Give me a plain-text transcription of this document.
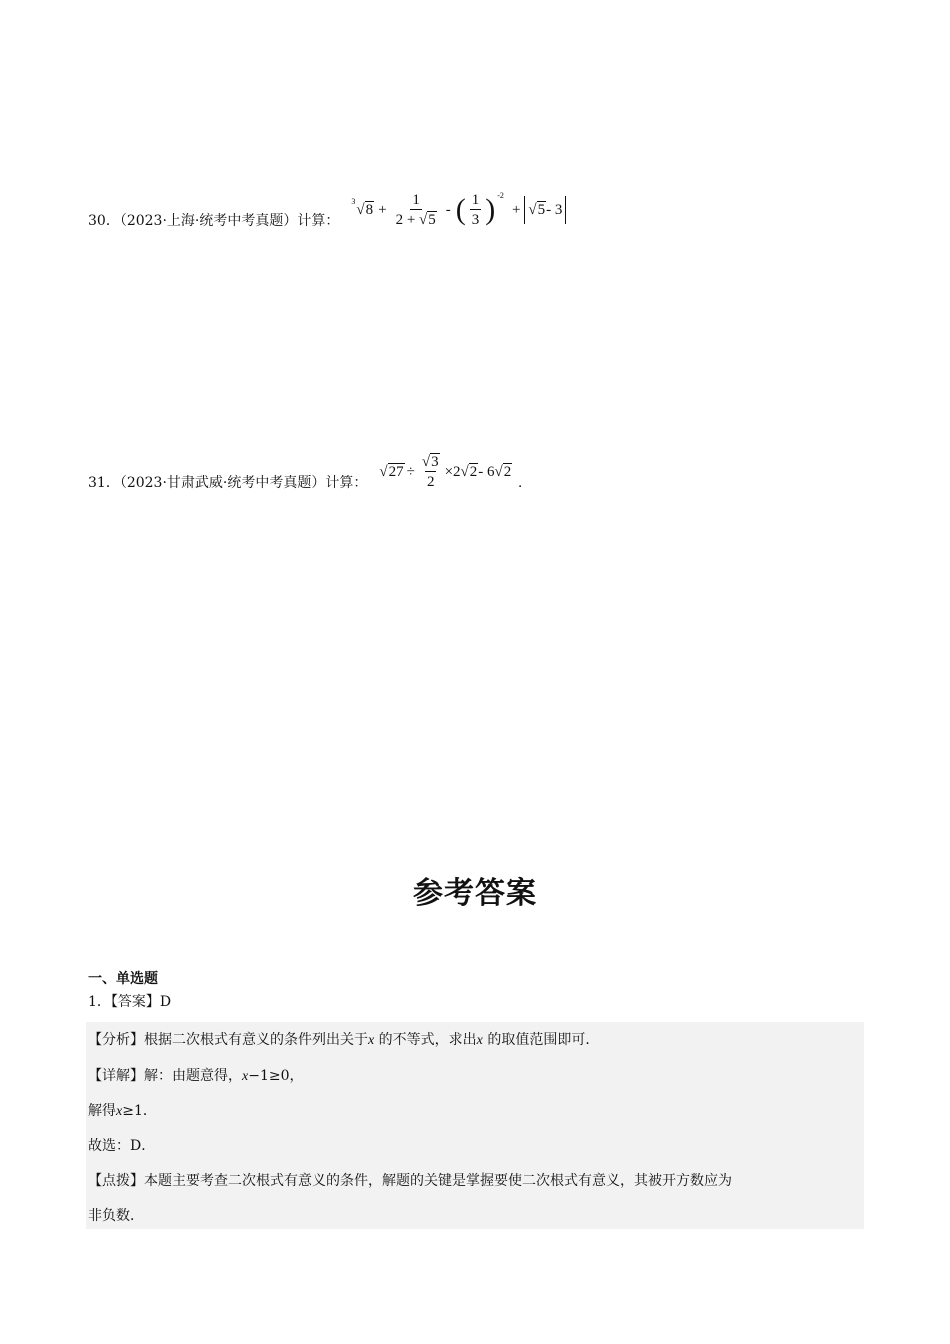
30．（2023·上海·统考中考真题）计算：
3
√ $8 + \frac{1}{2 + √5}$ - ( $\frac{1}{3}$ ) -2
+ √ 5 - 3
31．（2023·甘肃武威·统考中考真题）计算：
√ $27 \div \frac{√3}{2} \times 2$ √ 2 - 6 √ 2
.
参考答案
一、单选题
1．【答案】D
【分析】根据二次根式有意义的条件列出关于x 的不等式，求出x 的取值范围即可．
【详解】解：由题意得，x−1≥0，
解得x≥1．
故选：D．
【点拨】本题主要考查二次根式有意义的条件，解题的关键是掌握要使二次根式有意义，其被开方数应为
非负数．
